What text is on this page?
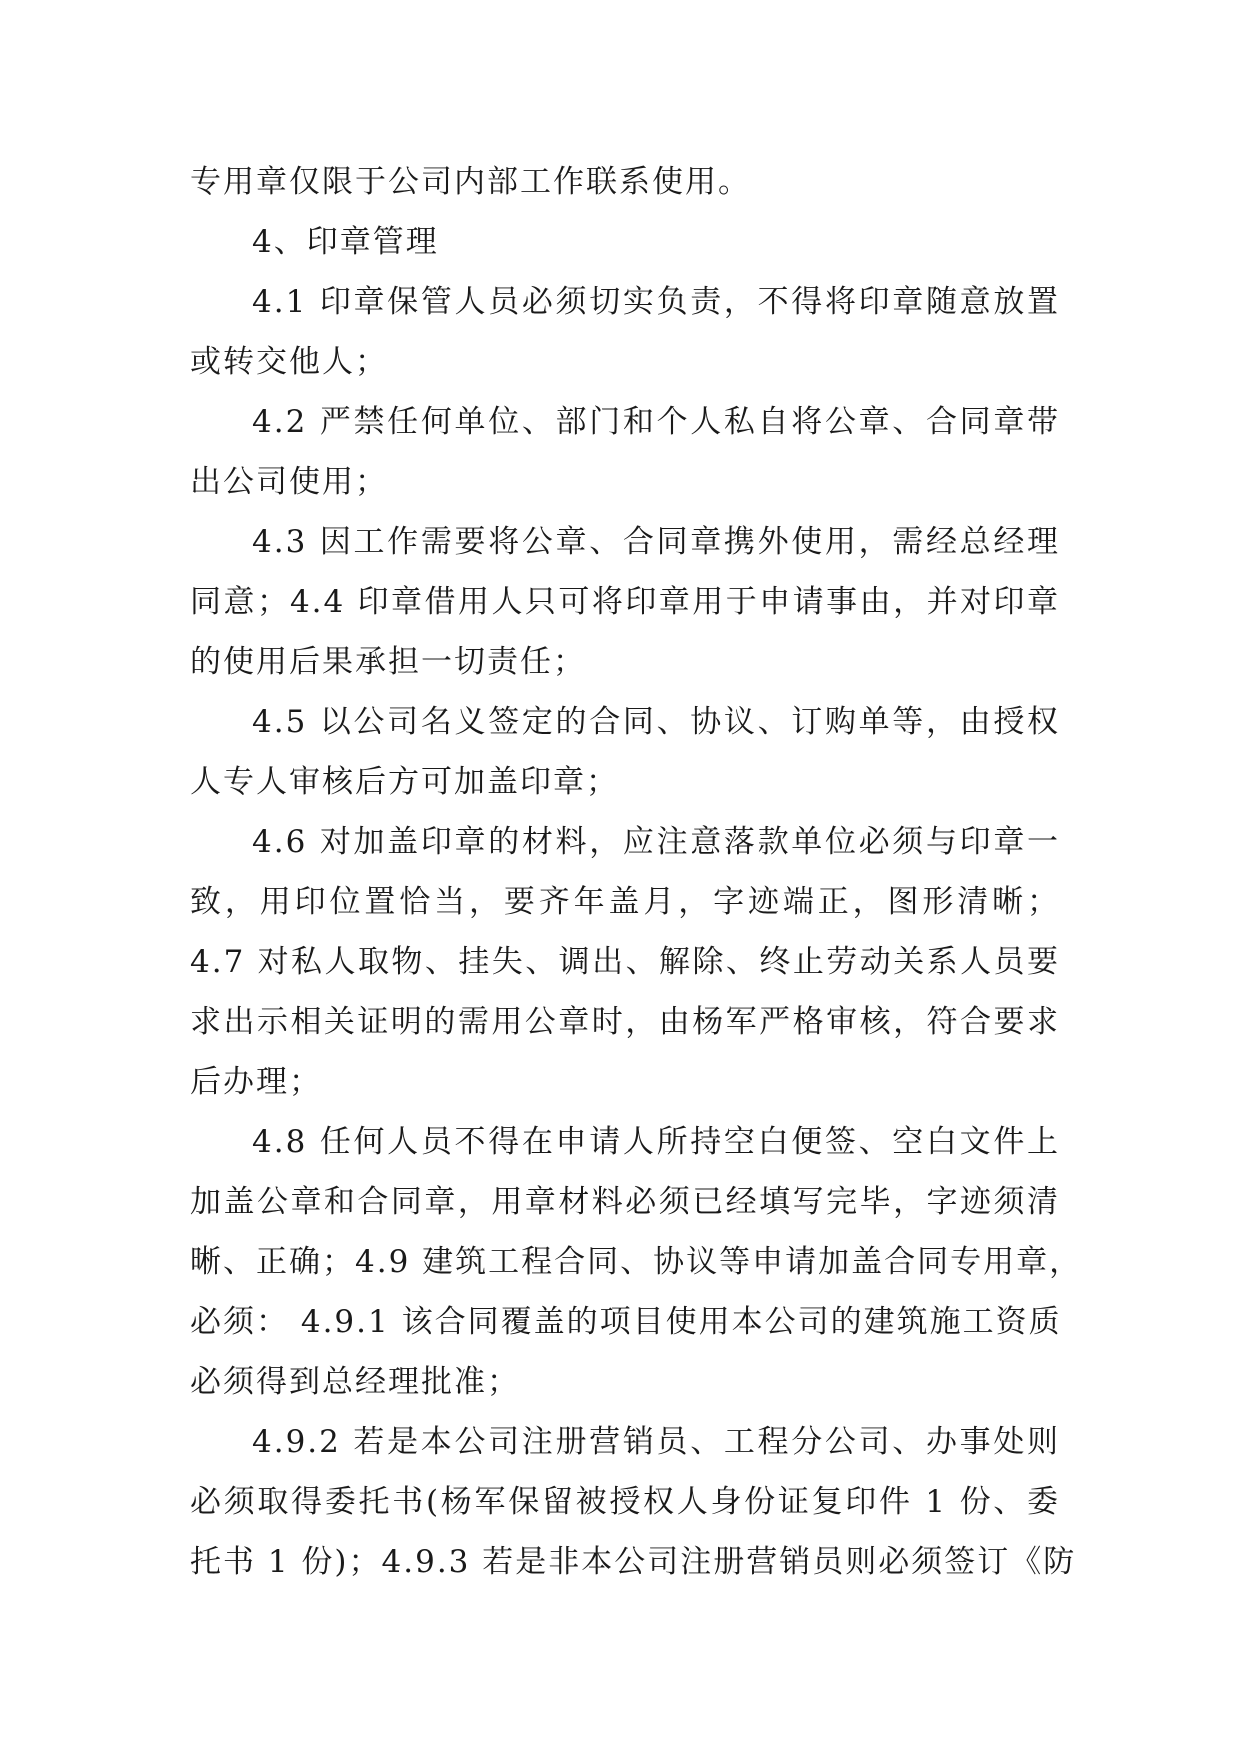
专用章仅限于公司内部工作联系使用。
4、印章管理
4.1 印章保管人员必须切实负责，不得将印章随意放置
或转交他人；
4.2 严禁任何单位、部门和个人私自将公章、合同章带
出公司使用；
4.3 因工作需要将公章、合同章携外使用，需经总经理
同意；4.4 印章借用人只可将印章用于申请事由，并对印章
的使用后果承担一切责任；
4.5 以公司名义签定的合同、协议、订购单等，由授权
人专人审核后方可加盖印章；
4.6 对加盖印章的材料，应注意落款单位必须与印章一
致，用印位置恰当，要齐年盖月，字迹端正，图形清晰；
4.7 对私人取物、挂失、调出、解除、终止劳动关系人员要
求出示相关证明的需用公章时，由杨军严格审核，符合要求
后办理；
4.8 任何人员不得在申请人所持空白便签、空白文件上
加盖公章和合同章，用章材料必须已经填写完毕，字迹须清
晰、正确；4.9 建筑工程合同、协议等申请加盖合同专用章，
必须： 4.9.1 该合同覆盖的项目使用本公司的建筑施工资质
必须得到总经理批准；
4.9.2 若是本公司注册营销员、工程分公司、办事处则
必须取得委托书(杨军保留被授权人身份证复印件 1 份、委
托书 1 份)；4.9.3 若是非本公司注册营销员则必须签订《防
